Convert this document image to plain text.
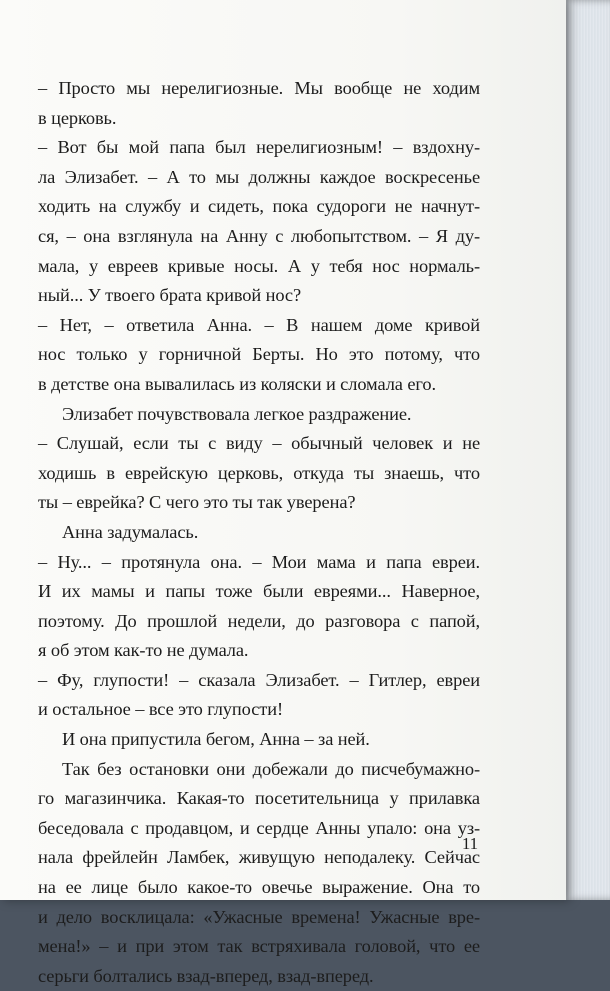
– Просто мы нерелигиозные. Мы вообще не ходим
в церковь.
– Вот бы мой папа был нерелигиозным! – вздохну-
ла Элизабет. – А то мы должны каждое воскресенье
ходить на службу и сидеть, пока судороги не начнут-
ся, – она взглянула на Анну с любопытством. – Я ду-
мала, у евреев кривые носы. А у тебя нос нормаль-
ный... У твоего брата кривой нос?
– Нет, – ответила Анна. – В нашем доме кривой
нос только у горничной Берты. Но это потому, что
в детстве она вывалилась из коляски и сломала его.
Элизабет почувствовала легкое раздражение.
– Слушай, если ты с виду – обычный человек и не
ходишь в еврейскую церковь, откуда ты знаешь, что
ты – еврейка? С чего это ты так уверена?
Анна задумалась.
– Ну... – протянула она. – Мои мама и папа евреи.
И их мамы и папы тоже были евреями... Наверное,
поэтому. До прошлой недели, до разговора с папой,
я об этом как-то не думала.
– Фу, глупости! – сказала Элизабет. – Гитлер, евреи
и остальное – все это глупости!
И она припустила бегом, Анна – за ней.
Так без остановки они добежали до писчебумажно-
го магазинчика. Какая-то посетительница у прилавка
беседовала с продавцом, и сердце Анны упало: она уз-
нала фрейлейн Ламбек, живущую неподалеку. Сейчас
на ее лице было какое-то овечье выражение. Она то
и дело восклицала: «Ужасные времена! Ужасные вре-
мена!» – и при этом так встряхивала головой, что ее
серьги болтались взад-вперед, взад-вперед.
11
